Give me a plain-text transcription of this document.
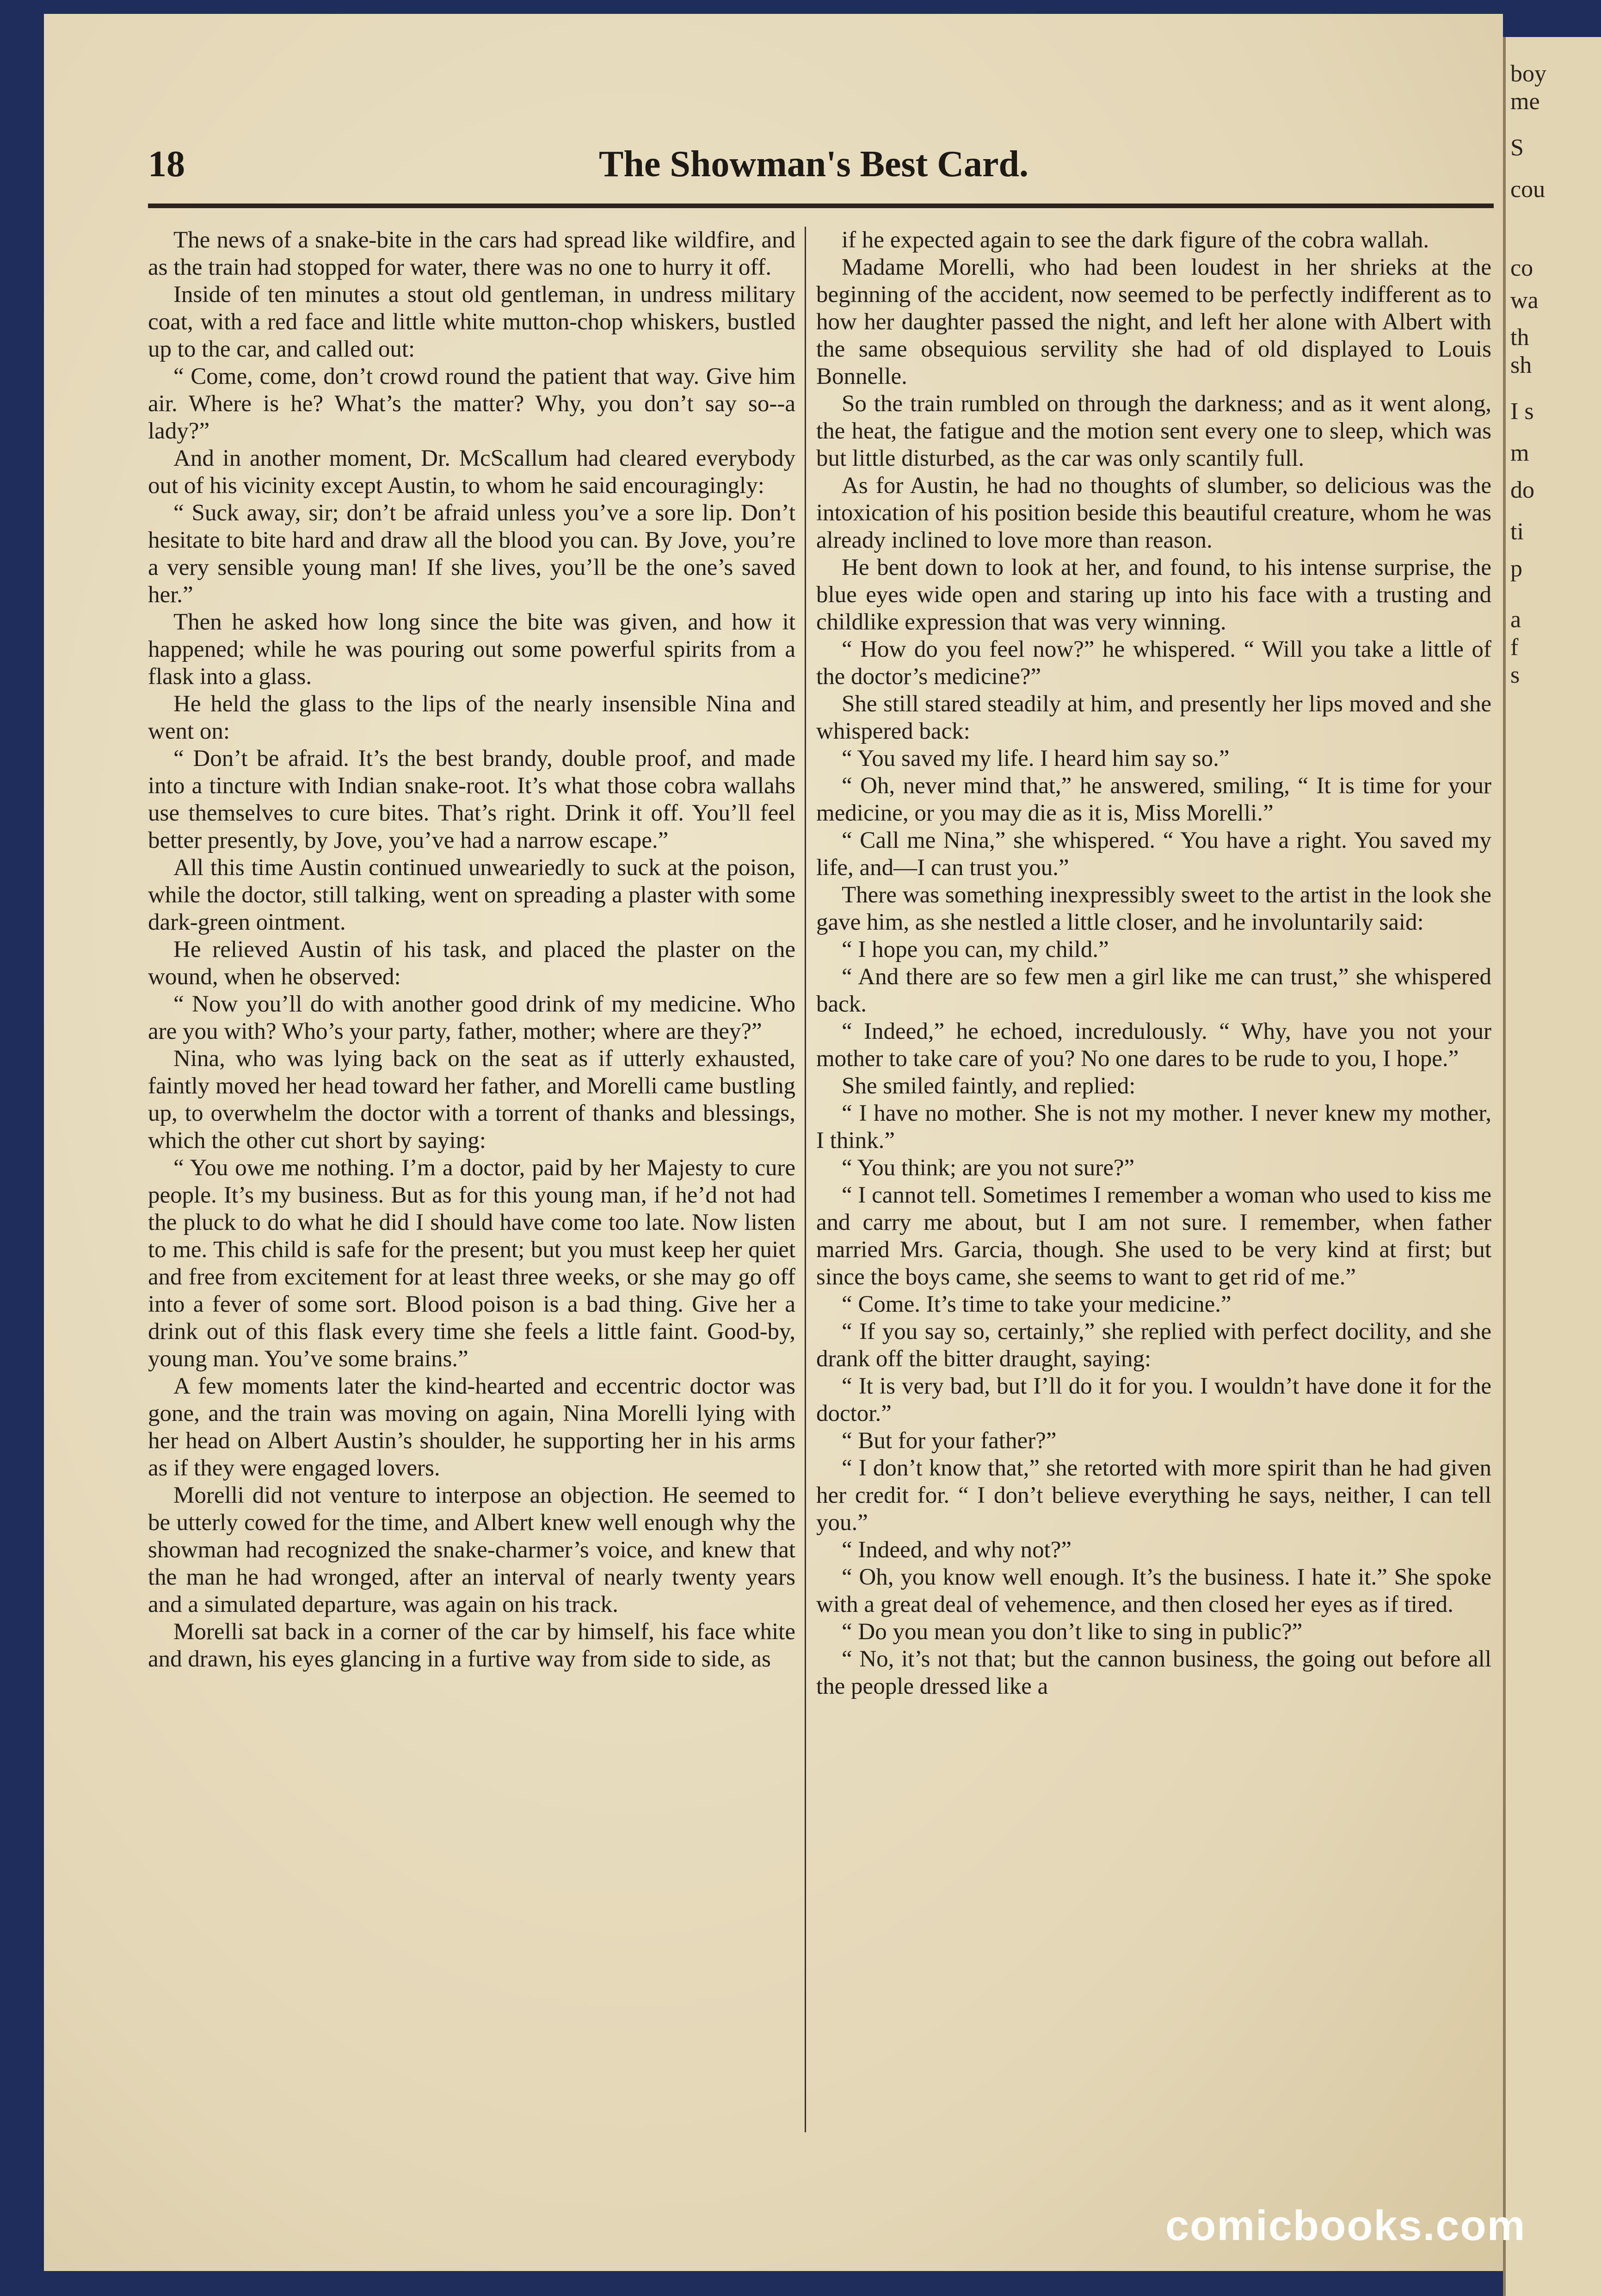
18	The Showman's Best Card.

The news of a snake-bite in the cars had spread like wildfire, and as the train had stopped for water, there was no one to hurry it off.

Inside of ten minutes a stout old gentleman, in undress military coat, with a red face and little white mutton-chop whiskers, bustled up to the car, and called out:

“ Come, come, don’t crowd round the patient that way. Give him air. Where is he? What’s the matter? Why, you don’t say so--a lady?”

And in another moment, Dr. McScallum had cleared everybody out of his vicinity except Austin, to whom he said encouragingly:

“ Suck away, sir; don’t be afraid unless you’ve a sore lip. Don’t hesitate to bite hard and draw all the blood you can. By Jove, you’re a very sensible young man! If she lives, you’ll be the one’s saved her.”

Then he asked how long since the bite was given, and how it happened; while he was pouring out some powerful spirits from a flask into a glass.

He held the glass to the lips of the nearly insensible Nina and went on:

“ Don’t be afraid. It’s the best brandy, double proof, and made into a tincture with Indian snake-root. It’s what those cobra wallahs use themselves to cure bites. That’s right. Drink it off. You’ll feel better presently, by Jove, you’ve had a narrow escape.”

All this time Austin continued unweariedly to suck at the poison, while the doctor, still talking, went on spreading a plaster with some dark-green ointment.

He relieved Austin of his task, and placed the plaster on the wound, when he observed:

“ Now you’ll do with another good drink of my medicine. Who are you with? Who’s your party, father, mother; where are they?”

Nina, who was lying back on the seat as if utterly exhausted, faintly moved her head toward her father, and Morelli came bustling up, to overwhelm the doctor with a torrent of thanks and blessings, which the other cut short by saying:

“ You owe me nothing. I’m a doctor, paid by her Majesty to cure people. It’s my business. But as for this young man, if he’d not had the pluck to do what he did I should have come too late. Now listen to me. This child is safe for the present; but you must keep her quiet and free from excitement for at least three weeks, or she may go off into a fever of some sort. Blood poison is a bad thing. Give her a drink out of this flask every time she feels a little faint. Good-by, young man. You’ve some brains.”

A few moments later the kind-hearted and eccentric doctor was gone, and the train was moving on again, Nina Morelli lying with her head on Albert Austin’s shoulder, he supporting her in his arms as if they were engaged lovers.

Morelli did not venture to interpose an objection. He seemed to be utterly cowed for the time, and Albert knew well enough why the showman had recognized the snake-charmer’s voice, and knew that the man he had wronged, after an interval of nearly twenty years and a simulated departure, was again on his track.

Morelli sat back in a corner of the car by himself, his face white and drawn, his eyes glancing in a furtive way from side to side, as

if he expected again to see the dark figure of the cobra wallah.

Madame Morelli, who had been loudest in her shrieks at the beginning of the accident, now seemed to be perfectly indifferent as to how her daughter passed the night, and left her alone with Albert with the same obsequious servility she had of old displayed to Louis Bonnelle.

So the train rumbled on through the darkness; and as it went along, the heat, the fatigue and the motion sent every one to sleep, which was but little disturbed, as the car was only scantily full.

As for Austin, he had no thoughts of slumber, so delicious was the intoxication of his position beside this beautiful creature, whom he was already inclined to love more than reason.

He bent down to look at her, and found, to his intense surprise, the blue eyes wide open and staring up into his face with a trusting and childlike expression that was very winning.

“ How do you feel now?” he whispered. “ Will you take a little of the doctor’s medicine?”

She still stared steadily at him, and presently her lips moved and she whispered back:

“ You saved my life. I heard him say so.”

“ Oh, never mind that,” he answered, smiling, “ It is time for your medicine, or you may die as it is, Miss Morelli.”

“ Call me Nina,” she whispered. “ You have a right. You saved my life, and—I can trust you.”

There was something inexpressibly sweet to the artist in the look she gave him, as she nestled a little closer, and he involuntarily said:

“ I hope you can, my child.”

“ And there are so few men a girl like me can trust,” she whispered back.

“ Indeed,” he echoed, incredulously. “ Why, have you not your mother to take care of you? No one dares to be rude to you, I hope.”

She smiled faintly, and replied:

“ I have no mother. She is not my mother. I never knew my mother, I think.”

“ You think; are you not sure?”

“ I cannot tell. Sometimes I remember a woman who used to kiss me and carry me about, but I am not sure. I remember, when father married Mrs. Garcia, though. She used to be very kind at first; but since the boys came, she seems to want to get rid of me.”

“ Come. It’s time to take your medicine.”

“ If you say so, certainly,” she replied with perfect docility, and she drank off the bitter draught, saying:

“ It is very bad, but I’ll do it for you. I wouldn’t have done it for the doctor.”

“ But for your father?”

“ I don’t know that,” she retorted with more spirit than he had given her credit for. “ I don’t believe everything he says, neither, I can tell you.”

“ Indeed, and why not?”

“ Oh, you know well enough. It’s the business. I hate it.” She spoke with a great deal of vehemence, and then closed her eyes as if tired.

“ Do you mean you don’t like to sing in public?”

“ No, it’s not that; but the cannon business, the going out before all the people dressed like a

boy
me
S
cou
co
wa
th
sh
I s
m
do
ti
p
a
f
s
comicbooks.com
